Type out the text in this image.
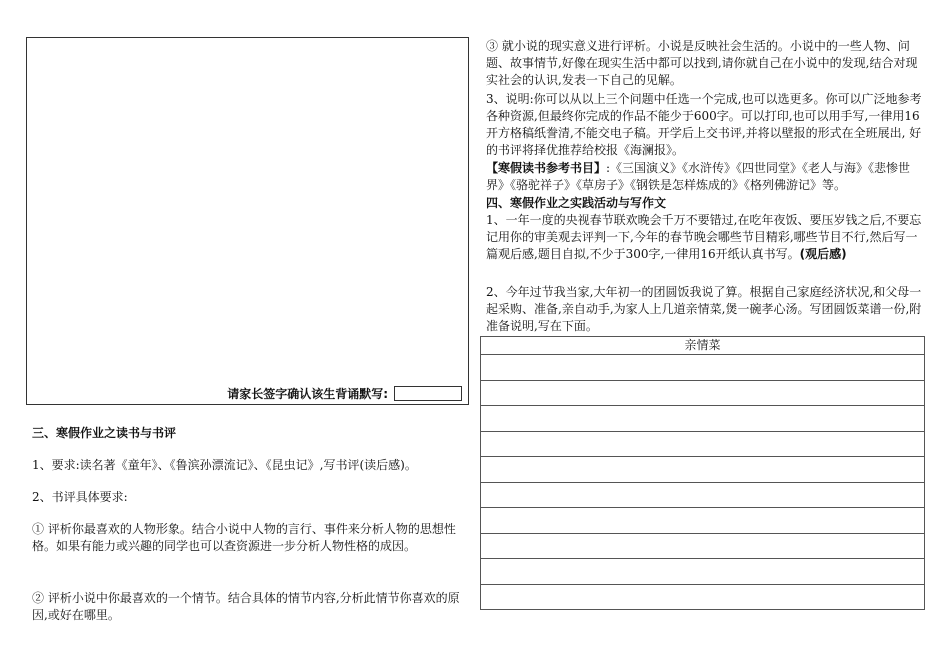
请家长签字确认该生背诵默写:
三、寒假作业之读书与书评
1、要求:读名著《童年》、《鲁滨孙漂流记》、《昆虫记》,写书评(读后感)。
2、书评具体要求:
① 评析你最喜欢的人物形象。结合小说中人物的言行、事件来分析人物的思想性格。如果有能力或兴趣的同学也可以查资源进一步分析人物性格的成因。
② 评析小说中你最喜欢的一个情节。结合具体的情节内容,分析此情节你喜欢的原因,或好在哪里。
③ 就小说的现实意义进行评析。小说是反映社会生活的。小说中的一些人物、问题、故事情节,好像在现实生活中都可以找到,请你就自己在小说中的发现,结合对现实社会的认识,发表一下自己的见解。
3、说明:你可以从以上三个问题中任选一个完成,也可以选更多。你可以广泛地参考各种资源,但最终你完成的作品不能少于600字。可以打印,也可以用手写,一律用16开方格稿纸誊清,不能交电子稿。开学后上交书评,并将以壁报的形式在全班展出, 好的书评将择优推荐给校报《海澜报》。
【寒假读书参考书目】:《三国演义》《水浒传》《四世同堂》《老人与海》《悲惨世界》《骆驼祥子》《草房子》《钢铁是怎样炼成的》《格列佛游记》等。
四、寒假作业之实践活动与写作文
1、一年一度的央视春节联欢晚会千万不要错过,在吃年夜饭、要压岁钱之后,不要忘记用你的审美观去评判一下,今年的春节晚会哪些节目精彩,哪些节目不行,然后写一篇观后感,题目自拟,不少于300字,一律用16开纸认真书写。(观后感)
2、今年过节我当家,大年初一的团圆饭我说了算。根据自己家庭经济状况,和父母一起采购、准备,亲自动手,为家人上几道亲情菜,煲一碗孝心汤。写团圆饭菜谱一份,附准备说明,写在下面。
亲情菜
